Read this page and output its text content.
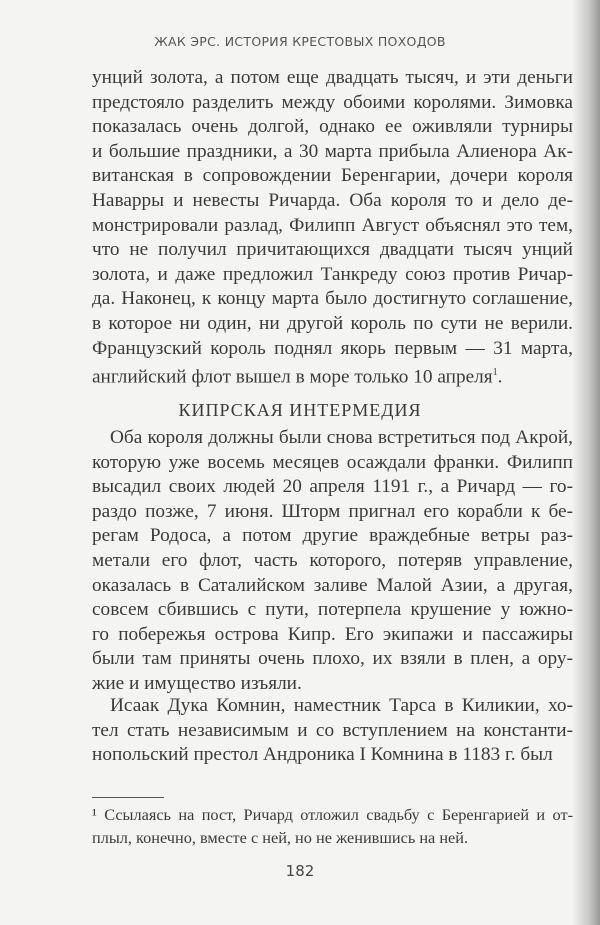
ЖАК ЭРС. ИСТОРИЯ КРЕСТОВЫХ ПОХОДОВ
унций золота, а потом еще двадцать тысяч, и эти деньги
предстояло разделить между обоими королями. Зимовка
показалась очень долгой, однако ее оживляли турниры
и большие праздники, а 30 марта прибыла Алиенора Ак-
витанская в сопровождении Беренгарии, дочери короля
Наварры и невесты Ричарда. Оба короля то и дело де-
монстрировали разлад, Филипп Август объяснял это тем,
что не получил причитающихся двадцати тысяч унций
золота, и даже предложил Танкреду союз против Ричар-
да. Наконец, к концу марта было достигнуто соглашение,
в которое ни один, ни другой король по сути не верили.
Французский король поднял якорь первым — 31 марта,
английский флот вышел в море только 10 апреля$^1$.
КИПРСКАЯ ИНТЕРМЕДИЯ
Оба короля должны были снова встретиться под Акрой,
которую уже восемь месяцев осаждали франки. Филипп
высадил своих людей 20 апреля 1191 г., а Ричард — го-
раздо позже, 7 июня. Шторм пригнал его корабли к бе-
регам Родоса, а потом другие враждебные ветры раз-
метали его флот, часть которого, потеряв управление,
оказалась в Саталийском заливе Малой Азии, а другая,
совсем сбившись с пути, потерпела крушение у южно-
го побережья острова Кипр. Его экипажи и пассажиры
были там приняты очень плохо, их взяли в плен, а ору-
жие и имущество изъяли.
Исаак Дука Комнин, наместник Тарса в Киликии, хо-
тел стать независимым и со вступлением на константи-
нопольский престол Андроника I Комнина в 1183 г. был
¹ Ссылаясь на пост, Ричард отложил свадьбу с Беренгарией и от-
плыл, конечно, вместе с ней, но не женившись на ней.
182
